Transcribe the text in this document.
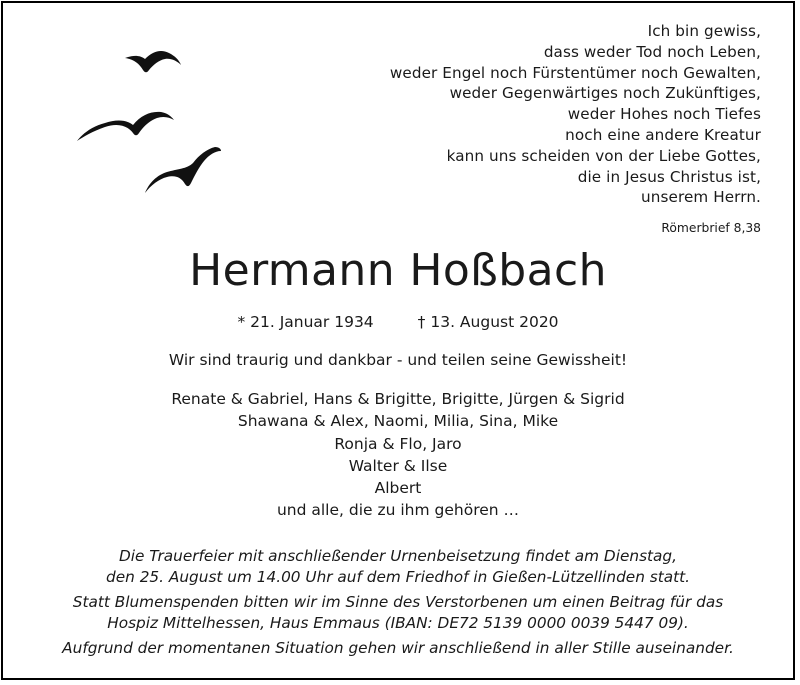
Ich bin gewiss,
dass weder Tod noch Leben,
weder Engel noch Fürstentümer noch Gewalten,
weder Gegenwärtiges noch Zukünftiges,
weder Hohes noch Tiefes
noch eine andere Kreatur
kann uns scheiden von der Liebe Gottes,
die in Jesus Christus ist,
unserem Herrn.
Römerbrief 8,38
Hermann Hoßbach
* 21. Januar 1934	† 13. August 2020
Wir sind traurig und dankbar - und teilen seine Gewissheit!
Renate & Gabriel, Hans & Brigitte, Brigitte, Jürgen & Sigrid
Shawana & Alex, Naomi, Milia, Sina, Mike
Ronja & Flo, Jaro
Walter & Ilse
Albert
und alle, die zu ihm gehören …
Die Trauerfeier mit anschließender Urnenbeisetzung findet am Dienstag,
den 25. August um 14.00 Uhr auf dem Friedhof in Gießen-Lützellinden statt.
Statt Blumenspenden bitten wir im Sinne des Verstorbenen um einen Beitrag für das
Hospiz Mittelhessen, Haus Emmaus (IBAN: DE72 5139 0000 0039 5447 09).
Aufgrund der momentanen Situation gehen wir anschließend in aller Stille auseinander.
